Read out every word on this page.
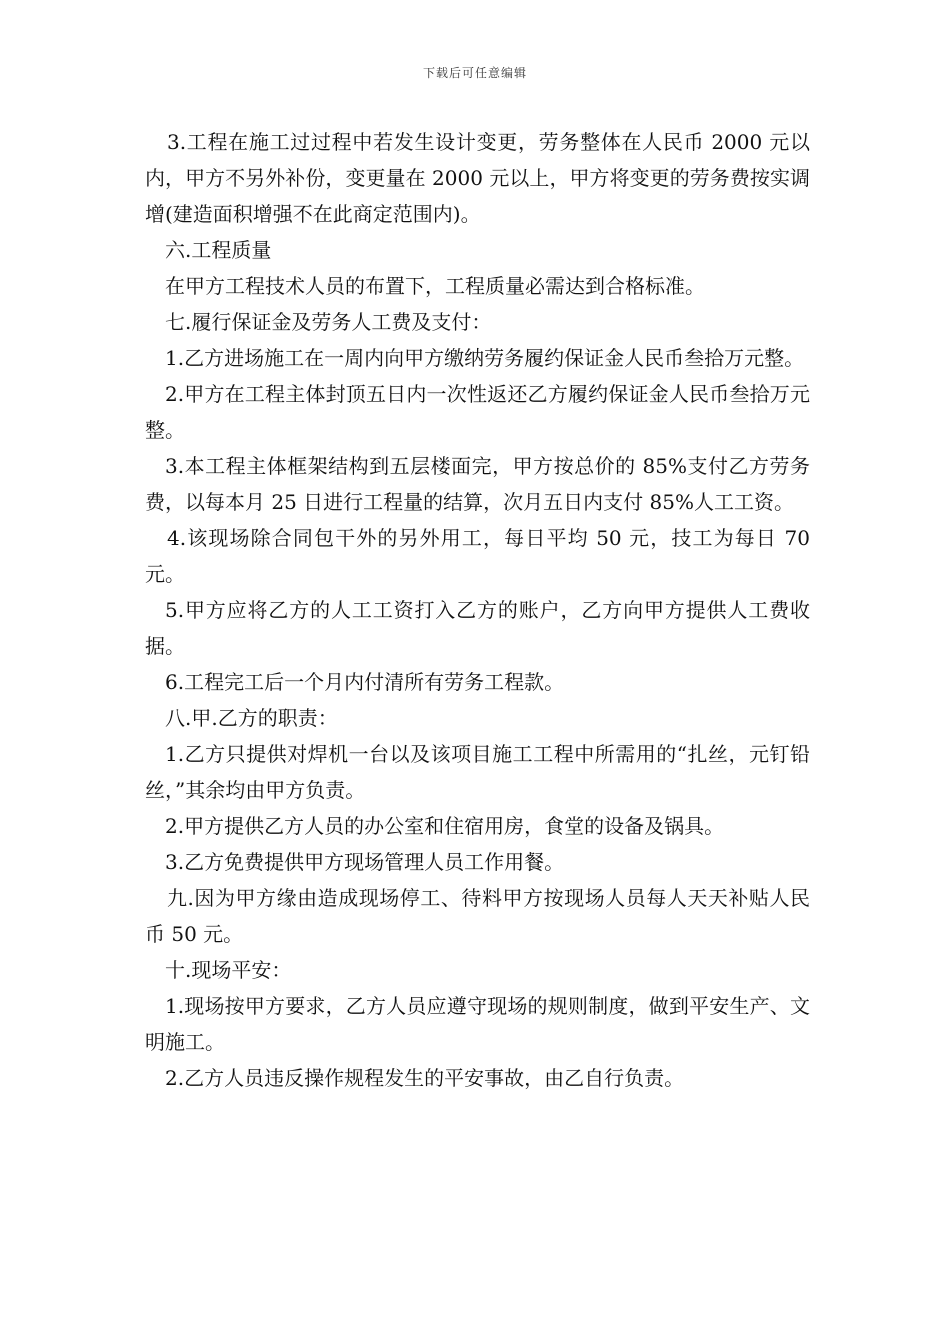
下载后可任意编辑

3.工程在施工过过程中若发生设计变更，劳务整体在人民币 2000 元以内，甲方不另外补份，变更量在 2000 元以上，甲方将变更的劳务费按实调增(建造面积增强不在此商定范围内)。

六.工程质量

在甲方工程技术人员的布置下，工程质量必需达到合格标准。

七.履行保证金及劳务人工费及支付：

1.乙方进场施工在一周内向甲方缴纳劳务履约保证金人民币叁拾万元整。

2.甲方在工程主体封顶五日内一次性返还乙方履约保证金人民币叁拾万元整。

3.本工程主体框架结构到五层楼面完，甲方按总价的 85%支付乙方劳务费，以每本月 25 日进行工程量的结算，次月五日内支付 85%人工工资。

4.该现场除合同包干外的另外用工，每日平均 50 元，技工为每日 70 元。

5.甲方应将乙方的人工工资打入乙方的账户，乙方向甲方提供人工费收据。

6.工程完工后一个月内付清所有劳务工程款。

八.甲.乙方的职责：

1.乙方只提供对焊机一台以及该项目施工工程中所需用的“扎丝，元钉铅丝，”其余均由甲方负责。

2.甲方提供乙方人员的办公室和住宿用房，食堂的设备及锅具。

3.乙方免费提供甲方现场管理人员工作用餐。

九.因为甲方缘由造成现场停工、待料甲方按现场人员每人天天补贴人民币 50 元。

十.现场平安：

1.现场按甲方要求，乙方人员应遵守现场的规则制度，做到平安生产、文明施工。

2.乙方人员违反操作规程发生的平安事故，由乙自行负责。
